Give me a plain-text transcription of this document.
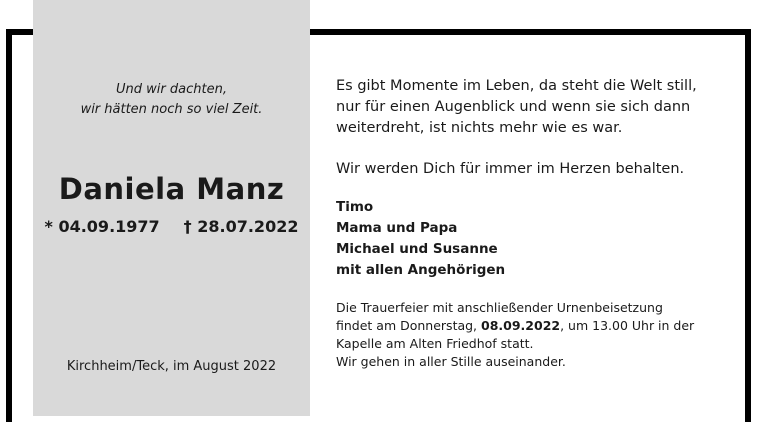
Und wir dachten,
wir hätten noch so viel Zeit.
Daniela Manz
* 04.09.1977 † 28.07.2022
Kirchheim/Teck, im August 2022
Es gibt Momente im Leben, da steht die Welt still,
nur für einen Augenblick und wenn sie sich dann
weiterdreht, ist nichts mehr wie es war.
Wir werden Dich für immer im Herzen behalten.
Timo
Mama und Papa
Michael und Susanne
mit allen Angehörigen
Die Trauerfeier mit anschließender Urnenbeisetzung
findet am Donnerstag, 08.09.2022, um 13.00 Uhr in der
Kapelle am Alten Friedhof statt.
Wir gehen in aller Stille auseinander.
